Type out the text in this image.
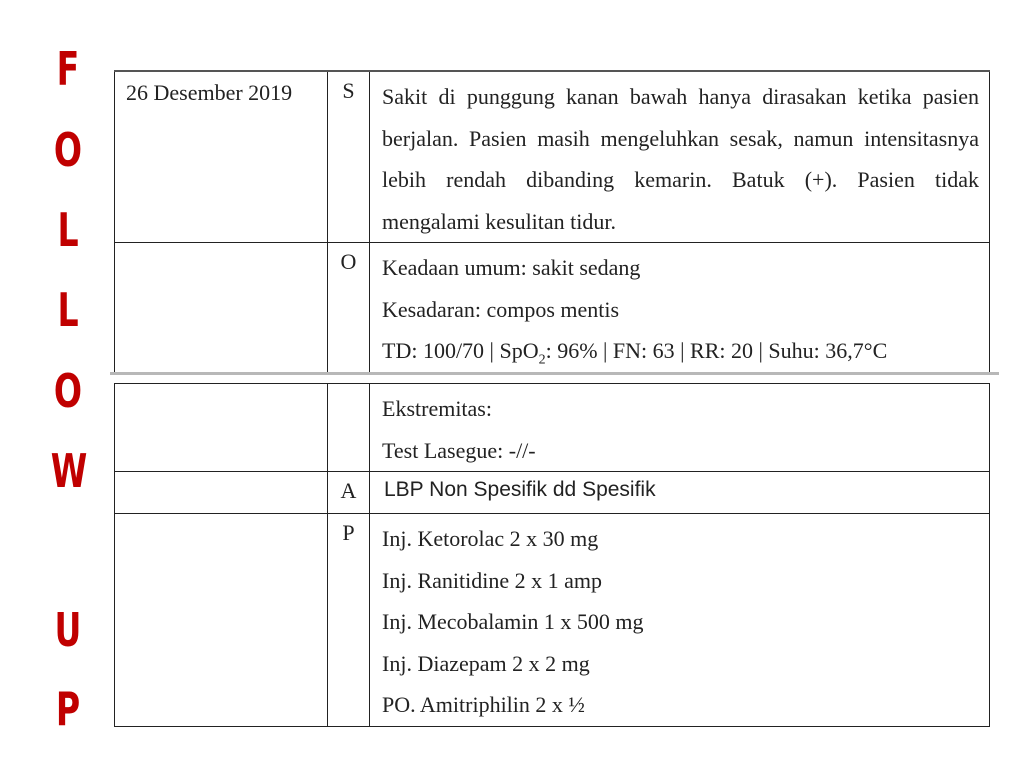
F
O
L
L
O
W
U
P
26 Desember 2019	S	Sakit di punggung kanan bawah hanya dirasakan ketika pasien berjalan. Pasien masih mengeluhkan sesak, namun intensitasnya lebih rendah dibanding kemarin. Batuk (+). Pasien tidak mengalami kesulitan tidur.

	O	Keadaan umum: sakit sedang
Kesadaran: compos mentis
TD: 100/70 | SpO$_2$: 96% | FN: 63 | RR: 20 | Suhu: 36,7°C

		Ekstremitas:
Test Lasegue: -//-

	A	LBP Non Spesifik dd Spesifik

	P	Inj. Ketorolac 2 x 30 mg
Inj. Ranitidine 2 x 1 amp
Inj. Mecobalamin 1 x 500 mg
Inj. Diazepam 2 x 2 mg
PO. Amitriphilin 2 x ½
